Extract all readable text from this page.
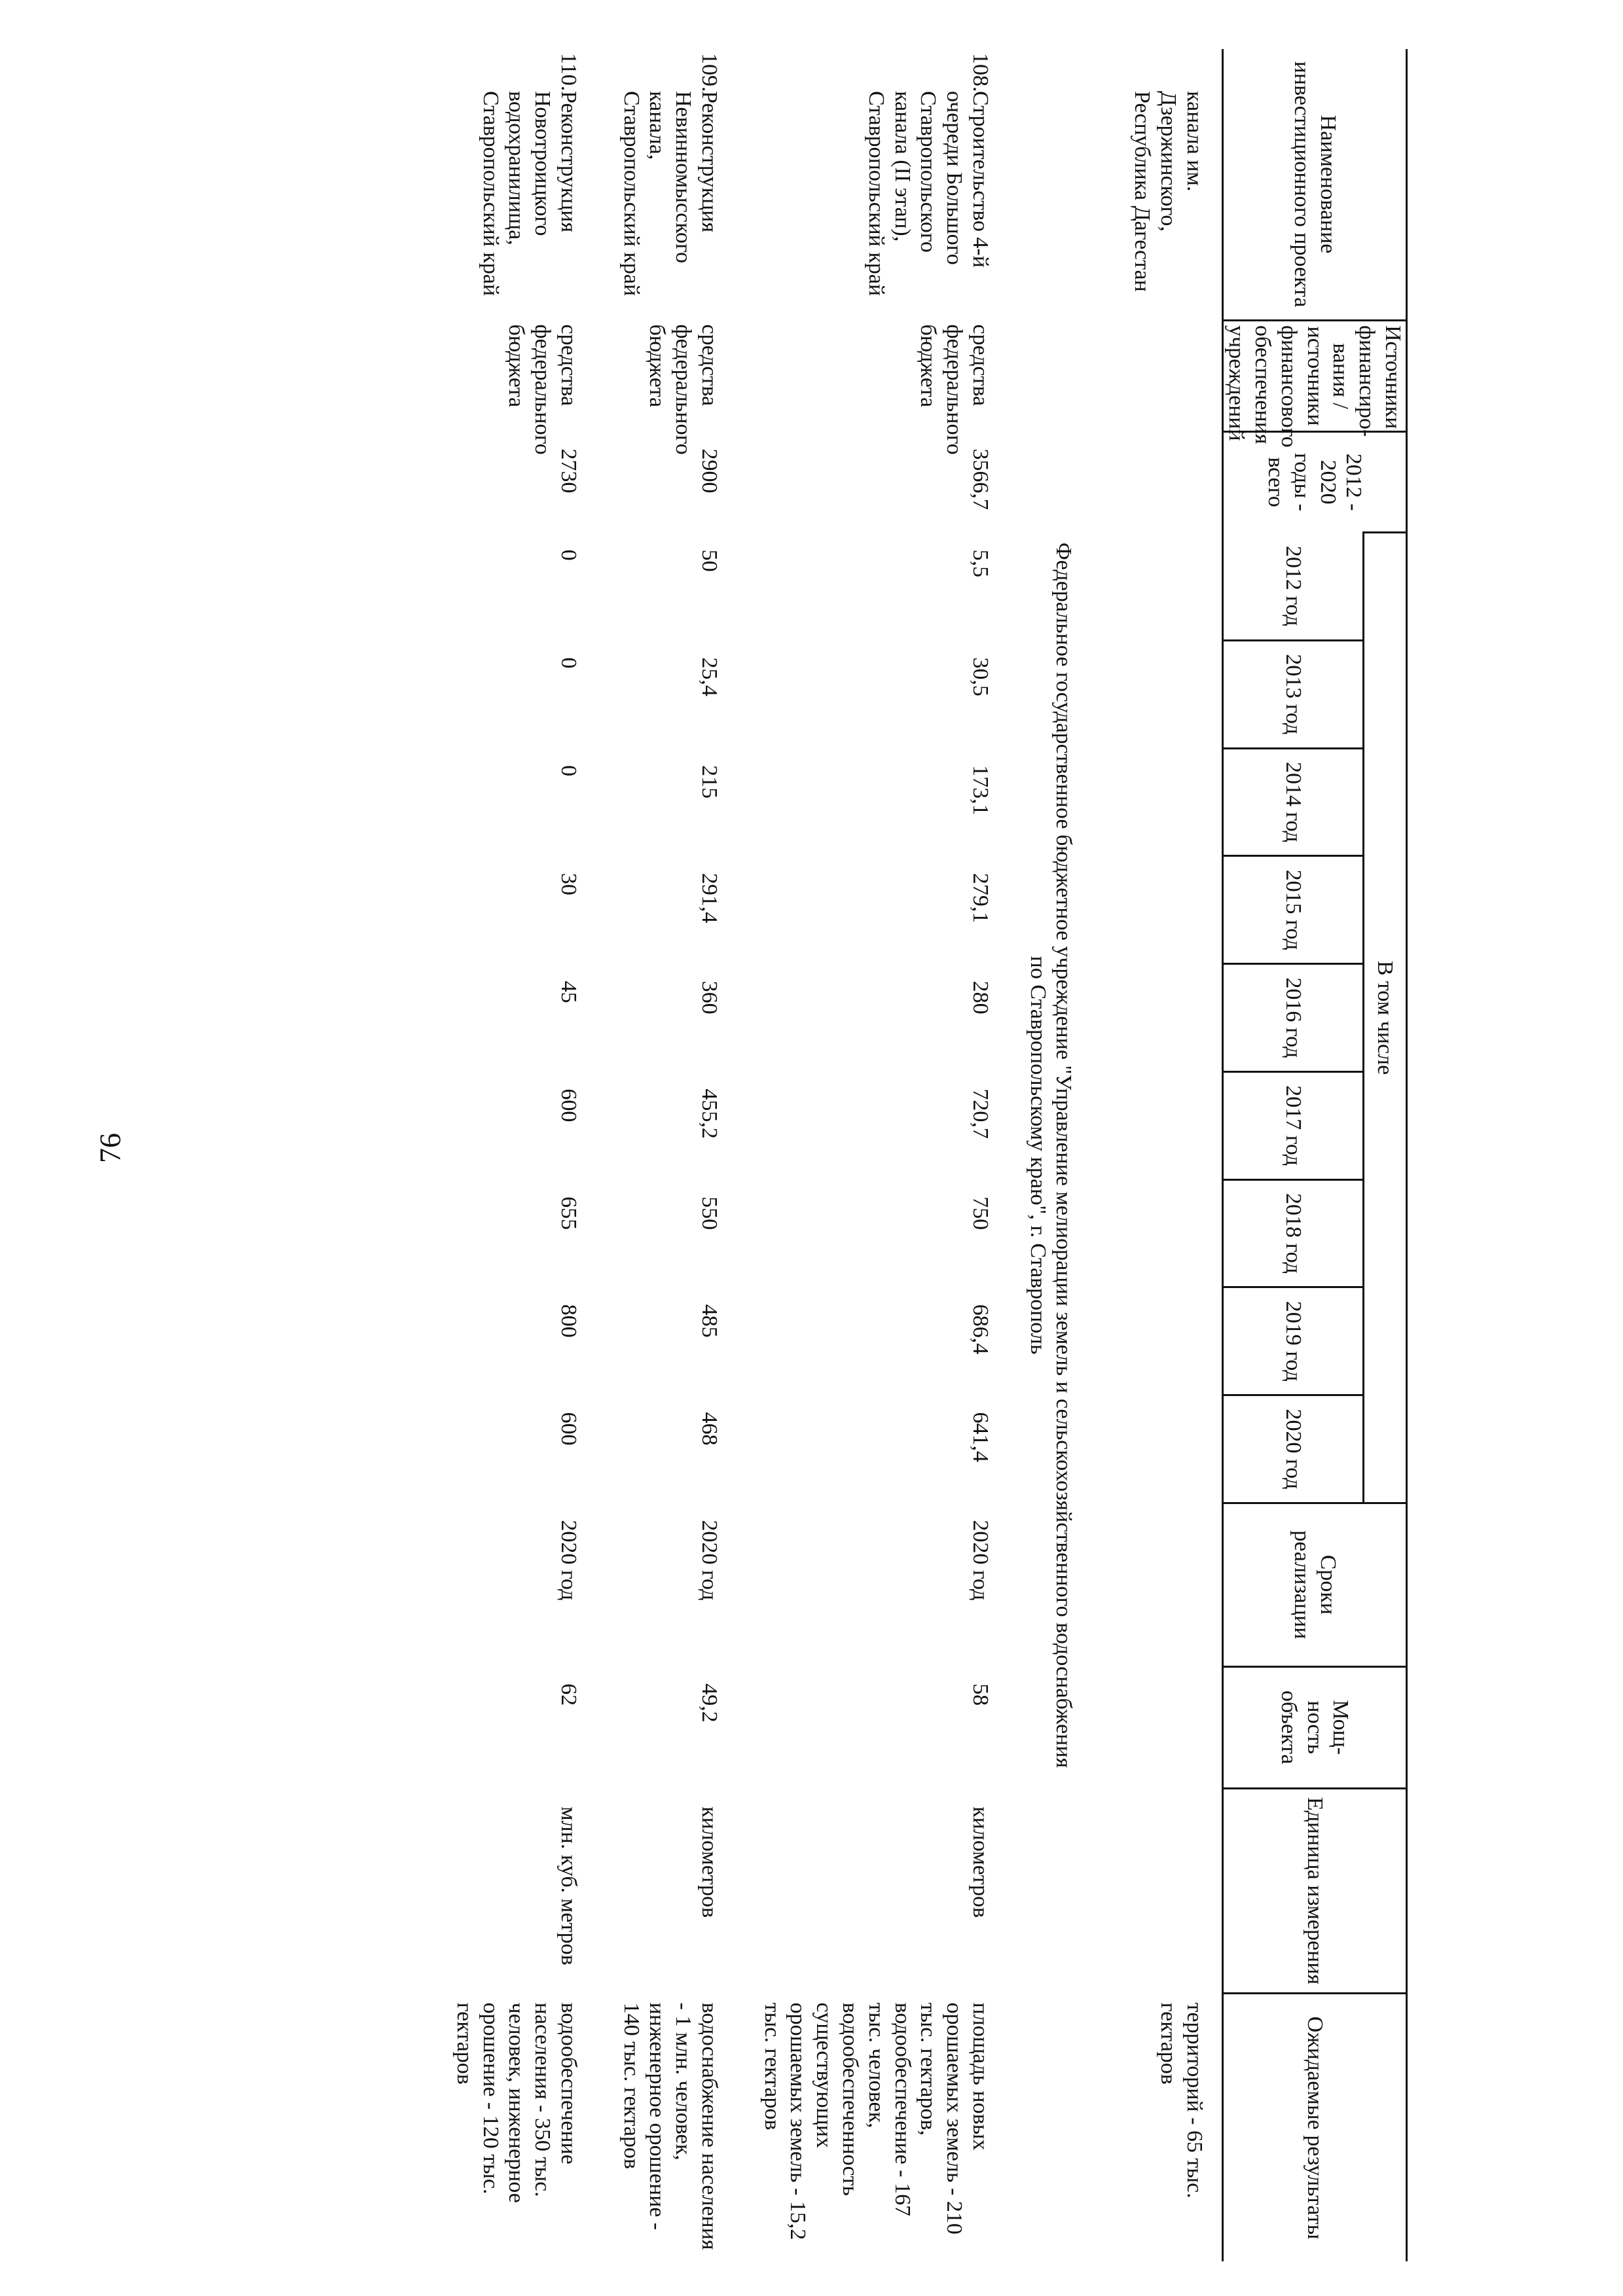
76
Наименование инвестиционного проекта	Источники финансиро- вания / источники финансового обеспечения учреждений	2012 - 2020 годы - всего	В том числе									Сроки реализации	Мощ- ность объекта	Единица измерения	Ожидаемые результаты
			2012 год	2013 год	2014 год	2015 год	2016 год	2017 год	2018 год	2019 год	2020 год				
канала им. Дзержинского, Республика Дагестан															территорий - 65 тыс. гектаров

Федеральное государственное бюджетное учреждение "Управление мелиорации земель и сельскохозяйственного водоснабжения
по Ставропольскому краю", г. Ставрополь															

108.Строительство 4-й очереди Большого Ставропольского канала (II этап), Ставропольский край	средства федерального бюджета	3566,7	5,5	30,5	173,1	279,1	280	720,7	750	686,4	641,4	2020 год	58	километров	площадь новых орошаемых земель - 210 тыс. гектаров, водообеспечение - 167 тыс. человек, водообеспеченность существующих орошаемых земель - 15,2 тыс. гектаров
109.Реконструкция Невинномысского канала, Ставропольский край	средства федерального бюджета	2900	50	25,4	215	291,4	360	455,2	550	485	468	2020 год	49,2	километров	водоснабжение населения - 1 млн. человек, инженерное орошение - 140 тыс. гектаров
110.Реконструкция Новотроицкого водохранилища, Ставропольский край	средства федерального бюджета	2730	0	0	0	30	45	600	655	800	600	2020 год	62	млн. куб. метров	водообеспечение населения - 350 тыс. человек, инженерное орошение - 120 тыс. гектаров
